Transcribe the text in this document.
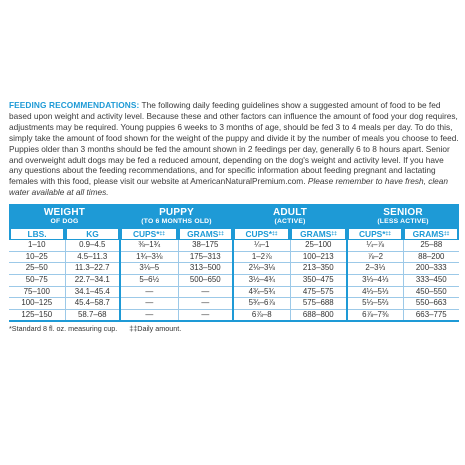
FEEDING RECOMMENDATIONS: The following daily feeding guidelines show a suggested amount of food to be fed based upon weight and activity level. Because these and other factors can influence the amount of food your dog requires, adjustments may be required. Young puppies 6 weeks to 3 months of age, should be fed 3 to 4 meals per day. To do this, simply take the amount of food shown for the weight of the puppy and divide it by the number of meals you choose to feed. Puppies older than 3 months should be fed the amount shown in 2 feedings per day, generally 6 to 8 hours apart. Senior and overweight adult dogs may be fed a reduced amount, depending on the dog's weight and activity level. If you have any questions about the feeding recommendations, and for specific information about feeding pregnant and lactating females with this food, please visit our website at AmericanNaturalPremium.com. Please remember to have fresh, clean water available at all times.

WEIGHT
OF DOG		PUPPY
(TO 6 MONTHS OLD)		ADULT
(ACTIVE)		SENIOR
(LESS ACTIVE)	

LBS.	KG	CUPS*‡‡	GRAMS‡‡	CUPS*‡‡	GRAMS‡‡	CUPS*‡‡	GRAMS‡‡
1–10	0.9–4.5	⅜–1¾	38–175	¼–1	25–100	¼–⅞	25–88
10–25	4.5–11.3	1¾–3⅛	175–313	1–2⅞	100–213	⅞–2	88–200
25–50	11.3–22.7	3⅛–5	313–500	2⅛–3⅛	213–350	2–3⅓	200–333
50–75	22.7–34.1	5–6½	500–650	3½–4¾	350–475	3⅓–4⅓	333–450
75–100	34.1–45.4	—	—	4¾–5¾	475–575	4⅓–5⅓	450–550
100–125	45.4–58.7	—	—	5¾–6⅞	575–688	5⅓–5⅔	550–663
125–150	58.7–68	—	—	6⅞–8	688–800	6⅞–7⅜	663–775
*Standard 8 fl. oz. measuring cup. ‡‡Daily amount.
